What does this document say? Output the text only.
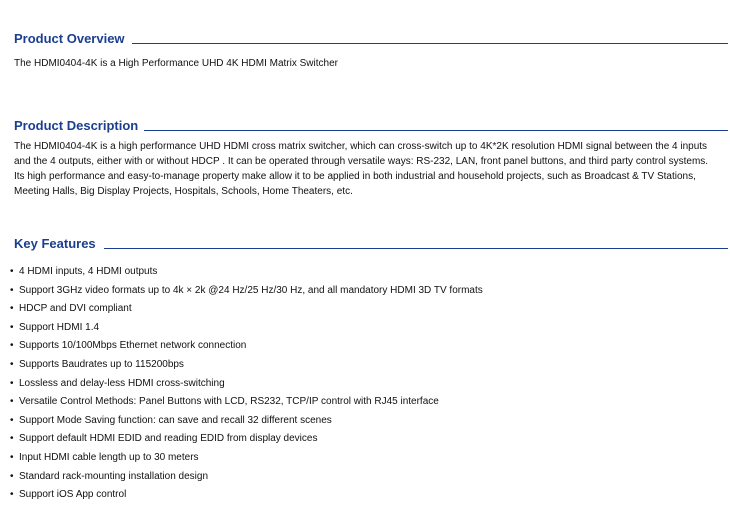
Product Overview
The HDMI0404-4K is a High Performance UHD 4K HDMI Matrix Switcher
Product Description
The HDMI0404-4K is a high performance UHD HDMI cross matrix switcher, which can cross-switch up to 4K*2K resolution HDMI signal between the 4 inputs and the 4 outputs, either with or without HDCP . It can be operated through versatile ways: RS-232, LAN, front panel buttons, and third party control systems. Its high performance and easy-to-manage property make allow it to be applied in both industrial and household projects, such as Broadcast & TV Stations, Meeting Halls, Big Display Projects, Hospitals, Schools, Home Theaters, etc.
Key Features
• 4 HDMI inputs, 4 HDMI outputs
• Support 3GHz video formats up to 4k × 2k @24 Hz/25 Hz/30 Hz, and all mandatory HDMI 3D TV formats
• HDCP and DVI compliant
• Support HDMI 1.4
• Supports 10/100Mbps Ethernet network connection
• Supports Baudrates up to 115200bps
• Lossless and delay-less HDMI cross-switching
• Versatile Control Methods: Panel Buttons with LCD, RS232, TCP/IP control with RJ45 interface
• Support Mode Saving function: can save and recall 32 different scenes
• Support default HDMI EDID and reading EDID from display devices
• Input HDMI cable length up to 30 meters
• Standard rack-mounting installation design
• Support iOS App control
